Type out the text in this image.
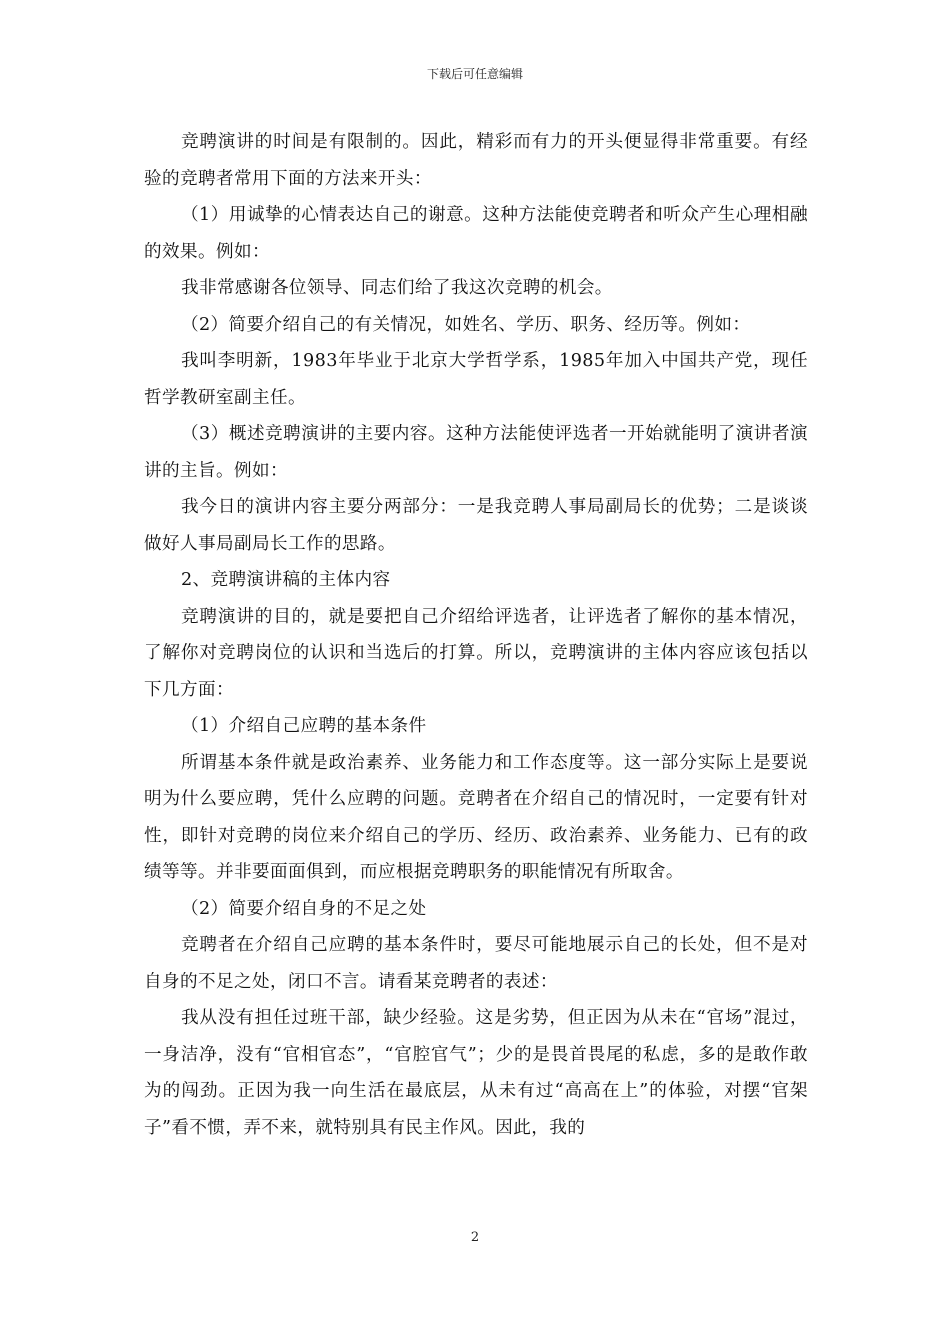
下载后可任意编辑

竞聘演讲的时间是有限制的。因此，精彩而有力的开头便显得非常重要。有经验的竞聘者常用下面的方法来开头：

（1）用诚挚的心情表达自己的谢意。这种方法能使竞聘者和听众产生心理相融的效果。例如：

我非常感谢各位领导、同志们给了我这次竞聘的机会。

（2）简要介绍自己的有关情况，如姓名、学历、职务、经历等。例如：

我叫李明新，1983年毕业于北京大学哲学系，1985年加入中国共产党，现任哲学教研室副主任。

（3）概述竞聘演讲的主要内容。这种方法能使评选者一开始就能明了演讲者演讲的主旨。例如：

我今日的演讲内容主要分两部分：一是我竞聘人事局副局长的优势；二是谈谈做好人事局副局长工作的思路。

2、竞聘演讲稿的主体内容

竞聘演讲的目的，就是要把自己介绍给评选者，让评选者了解你的基本情况，了解你对竞聘岗位的认识和当选后的打算。所以，竞聘演讲的主体内容应该包括以下几方面：

（1）介绍自己应聘的基本条件

所谓基本条件就是政治素养、业务能力和工作态度等。这一部分实际上是要说明为什么要应聘，凭什么应聘的问题。竞聘者在介绍自己的情况时，一定要有针对性，即针对竞聘的岗位来介绍自己的学历、经历、政治素养、业务能力、已有的政绩等等。并非要面面俱到，而应根据竞聘职务的职能情况有所取舍。

（2）简要介绍自身的不足之处

竞聘者在介绍自己应聘的基本条件时，要尽可能地展示自己的长处，但不是对自身的不足之处，闭口不言。请看某竞聘者的表述：

我从没有担任过班干部，缺少经验。这是劣势，但正因为从未在“官场”混过，一身洁净，没有“官相官态”，“官腔官气”；少的是畏首畏尾的私虑，多的是敢作敢为的闯劲。正因为我一向生活在最底层，从未有过“高高在上”的体验，对摆“官架子”看不惯，弄不来，就特别具有民主作风。因此，我的

2
